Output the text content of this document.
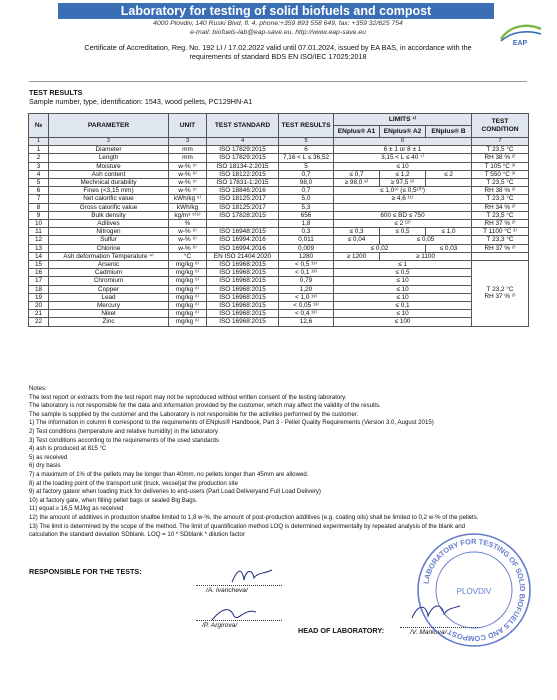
Laboratory for testing of solid biofuels and compost
4000 Plovdiv, 140 Ruski Blvd, fl. 4, phone:+359 893 558 649, fax: +359 32/625 754
e-mail: biofuels-lab@eap-save.eu, http://www.eap-save.eu
Certificate of Accreditation, Reg. No. 192 LI / 17.02.2022 valid until 07.01.2024, issued by EA BAS, in accordance with the
requirements of standard BDS EN ISO/IEC 17025:2018
EAP
TEST RESULTS
Sample number, type, identification: 1543, wood pellets, PC129HN-A1
№	PARAMETER	UNIT	TEST STANDARD	TEST RESULTS	LIMITS ¹⁾			TEST CONDITION
					ENplus® A1	ENplus® A2	ENplus® B	
1	2	3	4	5	6			7
1	Diameter	mm	ISO 17829:2015	6	6 ± 1 or 8 ± 1			T 23,5 °C
2	Length	mm	ISO 17829:2015	7,16 < L ≤ 36,52	3,15 < L ≤ 40 ⁷⁾			RH 38 % ²⁾
3	Moisture	w-% ⁵⁾	ISO 18134-2:2015	5	≤ 10			T 105 °C ³⁾
4	Ash content	w-% ⁶⁾	ISO 18122:2015	0,7	≤ 0,7	≤ 1,2	≤ 2	T 550 °C ³⁾
5	Mechnical durability	w-% ⁵⁾	ISO 17831-1:2015	98,0	≥ 98,0 ⁸⁾	≥ 97,5 ⁸⁾		T 23,5 °C
6	Fines (<3,15 mm)	w-% ⁵⁾	ISO 18846:2016	0,7	≤ 1,0⁹⁾ (≤ 0,5¹⁰⁾)			RH 38 % ²⁾
7	Net calorific value	kWh/kg ⁵⁾	ISO 18125:2017	5,0	≥ 4,6 ¹¹⁾			T 23,3 °C
8	Gross calorific value	kWh/kg	ISO 18125:2017	5,3				RH 34 % ²⁾
9	Bulk density	kg/m³ ⁵⁾⁶⁾	ISO 17828:2015	656	600 ≤ BD ≤ 750			T 23,5 °C
10	Aditives	%		1,8	≤ 2 ¹²⁾			RH 37 % ²⁾
11	Nitrogen	w-% ⁶⁾	ISO 16948:2015	0,3	≤ 0,3	≤ 0,5	≤ 1,0	T 1100 °C ³⁾
12	Sulfur	w-% ⁶⁾	ISO 16994:2016	0,011	≤ 0,04	≤ 0,05		T 23,3 °C
13	Chlorine	w-% ⁶⁾	ISO 16994:2016	0,009	≤ 0,02		≤ 0,03	RH 37 % ²⁾
14	Ash deformation Temperature ⁴⁾	°C	EN ISO 21404:2020	1280	≥ 1200	≥ 1100		
15	Arsenic	mg/kg ⁶⁾	ISO 16968:2015	< 0,5 ¹³⁾	≤ 1			T 23,2 °C
RH 37 % ²⁾

16	Cadmium	mg/kg ⁶⁾	ISO 16968:2015	< 0,1 ¹³⁾	≤ 0,5			
17	Chromium	mg/kg ⁶⁾	ISO 16968:2015	0,79	≤ 10			
18	Copper	mg/kg ⁶⁾	ISO 16968:2015	1,20	≤ 10			
19	Lead	mg/kg ⁶⁾	ISO 16968:2015	< 1,0 ¹³⁾	≤ 10			
20	Mercury	mg/kg ⁶⁾	ISO 16968:2015	< 0,05 ¹³⁾	≤ 0,1			
21	Nikel	mg/kg ⁶⁾	ISO 16968:2015	< 0,4 ¹³⁾	≤ 10			
22	Zinc	mg/kg ⁶⁾	ISO 16968:2015	12,6	≤ 100			
Notes:
The test report or extracts from the test report may not be reproduced without written consent of the testing laboratory.
The laboratory is not responsible for the data and information provided by the customer, which may affect the validity of the results.
The sample is supplied by the customer and the Laboratory is not responsible for the activities performed by the customer.
1) The information in column 6 correspond to the requirements of ENplus® Handbook, Part 3 - Pellet Quality Requirements (Version 3.0, August 2015)
2) Test conditions (temperature and relative humidity) in the laboratory
3) Test conditions according to the requirements of the used standards
4) ash is produced at 815 °C
5) as received
6) dry basis
7) a maximum of 1% of the pellets may be longer than 40mm, no pellets longer than 45mm are allowed.
8) at the loading point of the transport unit (truck, vessel)at the production site
9) at factory gateor when loading truck for deliveries to end-users (Part Load Deliveryand Full Load Delivery)
10) at factory gate, when filling pellet bags or sealed Big Bags.
11) equal ≥ 16,5 MJ/kg as received
12) the amount of additives in production shallbe limited to 1,8 w-%, the amount of post-production additives (e.g. coating oils) shall be limited to 0,2 w-% of the pellets.
13) The limit is determined by the scope of the method. The limit of quantification method LOQ is determined experimentally by repeated analysis of the blank and
calculation the standard deviation SDblank. LOQ = 10 * SDblank * dilution factor
RESPONSIBLE FOR THE TESTS:
/A. Ivancheva/
/P. Argirova/
HEAD OF LABORATORY:	/V. Markova/
LABORATORY FOR TESTING OF SOLID BIOFUELS AND COMPOST
PLOVDIV
